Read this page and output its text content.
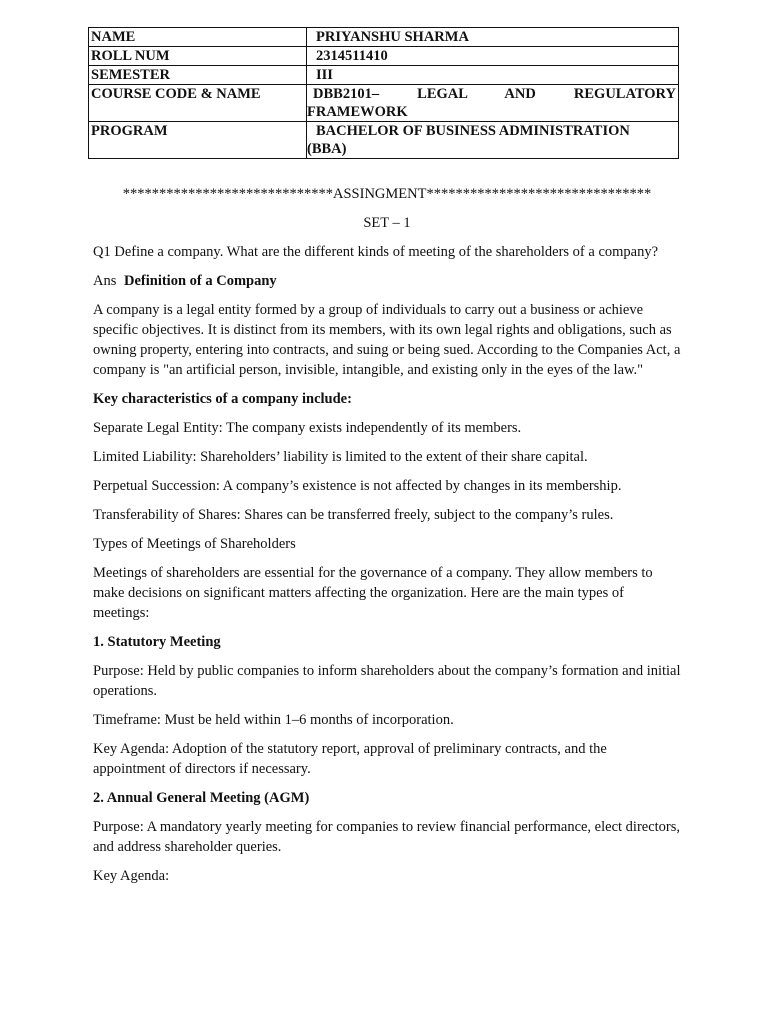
NAME	PRIYANSHU SHARMA
ROLL NUM	2314511410
SEMESTER	III
COURSE CODE & NAME	DBB2101– LEGAL AND REGULATORY
FRAMEWORK

PROGRAM	BACHELOR OF BUSINESS ADMINISTRATION
(BBA)

*****************************ASSINGMENT*******************************

SET – 1

Q1 Define a company. What are the different kinds of meeting of the shareholders of a company?

Ans Definition of a Company

A company is a legal entity formed by a group of individuals to carry out a business or achieve specific objectives. It is distinct from its members, with its own legal rights and obligations, such as owning property, entering into contracts, and suing or being sued. According to the Companies Act, a company is "an artificial person, invisible, intangible, and existing only in the eyes of the law."

Key characteristics of a company include:

Separate Legal Entity: The company exists independently of its members.

Limited Liability: Shareholders’ liability is limited to the extent of their share capital.

Perpetual Succession: A company’s existence is not affected by changes in its membership.

Transferability of Shares: Shares can be transferred freely, subject to the company’s rules.

Types of Meetings of Shareholders

Meetings of shareholders are essential for the governance of a company. They allow members to make decisions on significant matters affecting the organization. Here are the main types of meetings:

1. Statutory Meeting

Purpose: Held by public companies to inform shareholders about the company’s formation and initial operations.

Timeframe: Must be held within 1–6 months of incorporation.

Key Agenda: Adoption of the statutory report, approval of preliminary contracts, and the appointment of directors if necessary.

2. Annual General Meeting (AGM)

Purpose: A mandatory yearly meeting for companies to review financial performance, elect directors, and address shareholder queries.

Key Agenda:
